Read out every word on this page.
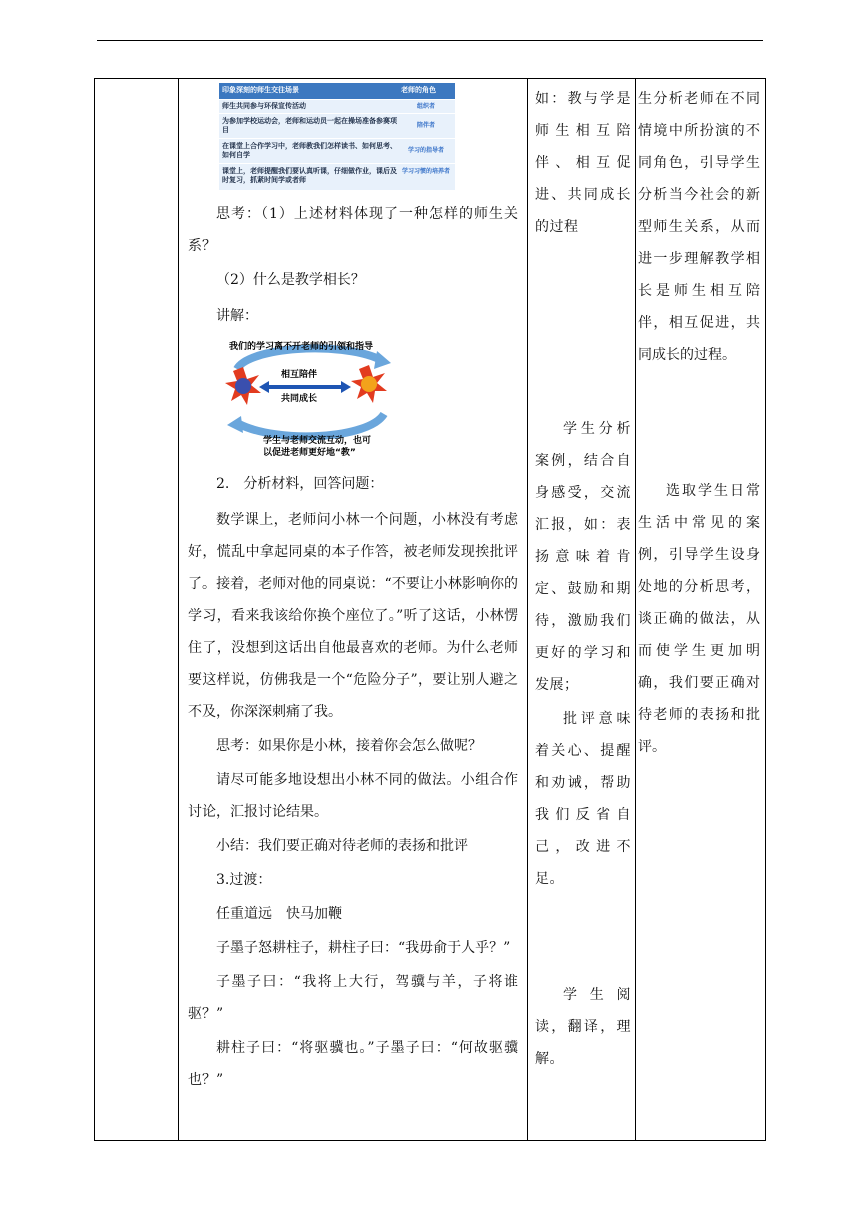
印象深刻的师生交往场景	老师的角色
师生共同参与环保宣传活动	组织者
为参加学校运动会，老师和运动员一起在操场准备参赛项目
陪伴者
在课堂上合作学习中，老师教我们怎样读书、如何思考、如何自学
学习的指导者
课堂上，老师提醒我们要认真听课，仔细做作业，课后及时复习，抓紧时间学或者师
学习习惯的培养者

思考：（1）上述材料体现了一种怎样的师生关系？

（2）什么是教学相长？

讲解：

我们的学习离不开老师的引领和指导
相互陪伴
共同成长
学生与老师交流互动，也可
以促进老师更好地“教”

2.　分析材料，回答问题：

数学课上，老师问小林一个问题，小林没有考虑好，慌乱中拿起同桌的本子作答，被老师发现挨批评了。接着，老师对他的同桌说：“不要让小林影响你的学习，看来我该给你换个座位了。”听了这话，小林愣住了，没想到这话出自他最喜欢的老师。为什么老师要这样说，仿佛我是一个“危险分子”，要让别人避之不及，你深深刺痛了我。

思考：如果你是小林，接着你会怎么做呢？

请尽可能多地设想出小林不同的做法。小组合作讨论，汇报讨论结果。

小结：我们要正确对待老师的表扬和批评

3.过渡：

任重道远　快马加鞭

子墨子怒耕柱子，耕柱子曰：“我毋俞于人乎？”

子墨子曰：“我将上大行，驾骥与羊，子将谁驱？”

耕柱子曰：“将驱骥也。”子墨子曰：“何故驱骥也？”

如：教与学是师生相互陪伴、相互促进、共同成长的过程

学生分析案例，结合自身感受，交流汇报，如：表扬意味着肯定、鼓励和期待，激励我们更好的学习和发展；

批评意味着关心、提醒和劝诫，帮助我们反省自己，改进不足。

学生阅读，翻译，理解。

生分析老师在不同情境中所扮演的不同角色，引导学生分析当今社会的新型师生关系，从而进一步理解教学相长是师生相互陪伴，相互促进，共同成长的过程。

选取学生日常生活中常见的案例，引导学生设身处地的分析思考，谈正确的做法，从而使学生更加明确，我们要正确对待老师的表扬和批评。
